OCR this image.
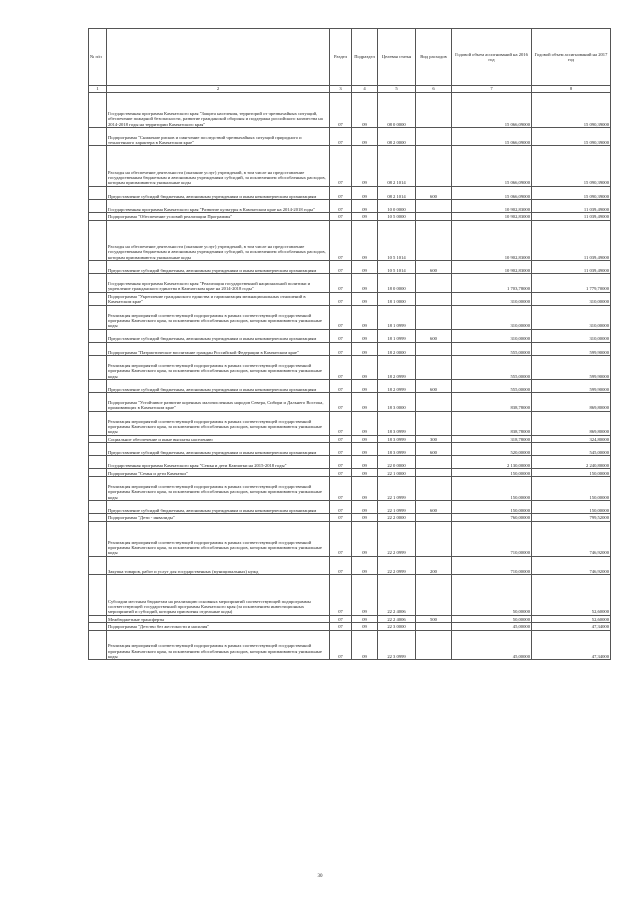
№ п/п		Раздел	Подраздел	Целевая статья	Вид расходов	Годовой объем ассигнований на 2016 год	Годовой объем ассигнований на 2017 год
1	2	3	4	5	6	7	8
	Государственная программа Камчатского края "Защита населения, территорий от чрезвычайных ситуаций, обеспечение пожарной безопасности, развитие гражданской обороны и поддержка российского казачества на 2014-2018 годы на территории Камчатского края"	07	09	08 0 0000		15 066,09000	15 090,39000
	Подпрограмма "Снижение рисков и смягчение последствий чрезвычайных ситуаций природного и техногенного характера в Камчатском крае"	07	09	08 2 0000		15 066,09000	15 090,39000
	Расходы на обеспечение деятельности (оказание услуг) учреждений, в том числе на предоставление государственным бюджетным и автономным учреждениям субсидий, за исключением обособленных расходов, которым присваиваются уникальные коды	07	09	08 2 1014		15 066,09000	15 090,39000
	Предоставление субсидий бюджетным, автономным учреждениям и иным некоммерческим организациям	07	09	08 2 1014	600	15 066,09000	15 090,39000
	Государственная программа Камчатского края "Развитие культуры в Камчатском крае на 2014-2018 годы"	07	09	10 0 0000		10 902,83000	11 039,49000
	Подпрограмма "Обеспечение условий реализации Программы"	07	09	10 5 0000		10 902,83000	11 039,49000
	Расходы на обеспечение деятельности (оказание услуг) учреждений, в том числе на предоставление государственным бюджетным и автономным учреждениям субсидий, за исключением обособленных расходов, которым присваиваются уникальные коды	07	09	10 5 1014		10 902,83000	11 039,49000
	Предоставление субсидий бюджетным, автономным учреждениям и иным некоммерческим организациям	07	09	10 5 1014	600	10 902,83000	11 039,49000
	Государственная программа Камчатского края "Реализация государственной национальной политики и укрепление гражданского единства в Камчатском крае на 2014-2018 годы"	07	09	18 0 0000		1 703,78000	1 779,70000
	Подпрограмма "Укрепление гражданского единства и гармонизация межнациональных отношений в Камчатском крае"	07	09	18 1 0000		310,00000	310,00000
	Реализация мероприятий соответствующей подпрограммы в рамках соответствующей государственной программы Камчатского края, за исключением обособленных расходов, которым присваиваются уникальные коды	07	09	18 1 0999		310,00000	310,00000
	Предоставление субсидий бюджетным, автономным учреждениям и иным некоммерческим организациям	07	09	18 1 0999	600	310,00000	310,00000
	Подпрограмма "Патриотическое воспитание граждан Российской Федерации в Камчатском крае"	07	09	18 2 0000		555,00000	599,90000
	Реализация мероприятий соответствующей подпрограммы в рамках соответствующей государственной программы Камчатского края, за исключением обособленных расходов, которым присваиваются уникальные коды	07	09	18 2 0999		555,00000	599,90000
	Предоставление субсидий бюджетным, автономным учреждениям и иным некоммерческим организациям	07	09	18 2 0999	600	555,00000	599,90000
	Подпрограмма "Устойчивое развитие коренных малочисленных народов Севера, Сибири и Дальнего Востока, проживающих в Камчатском крае"	07	09	18 3 0000		838,78000	869,80000
	Реализация мероприятий соответствующей подпрограммы в рамках соответствующей государственной программы Камчатского края, за исключением обособленных расходов, которым присваиваются уникальные коды	07	09	18 3 0999		838,78000	869,80000
	Социальное обеспечение и иные выплаты населению	07	09	18 3 0999	300	318,78000	324,80000
	Предоставление субсидий бюджетным, автономным учреждениям и иным некоммерческим организациям	07	09	18 3 0999	600	520,00000	545,00000
	Государственная программа Камчатского края "Семья и дети Камчатки на 2015-2018 годы"	07	09	22 0 0000		2 130,00000	2 240,80000
	Подпрограмма "Семья и дети Камчатки"	07	09	22 1 0000		150,00000	150,00000
	Реализация мероприятий соответствующей подпрограммы в рамках соответствующей государственной программы Камчатского края, за исключением обособленных расходов, которым присваиваются уникальные коды	07	09	22 1 0999		150,00000	150,00000
	Предоставление субсидий бюджетным, автономным учреждениям и иным некоммерческим организациям	07	09	22 1 0999	600	150,00000	150,00000
	Подпрограмма "Дети - инвалиды"	07	09	22 2 0000		760,00000	799,52000
	Реализация мероприятий соответствующей подпрограммы в рамках соответствующей государственной программы Камчатского края, за исключением обособленных расходов, которым присваиваются уникальные коды	07	09	22 2 0999		710,00000	746,92000
	Закупка товаров, работ и услуг для государственных (муниципальных) нужд	07	09	22 2 0999	200	710,00000	746,92000
	Субсидии местным бюджетам на реализацию основных мероприятий соответствующей подпрограммы соответствующей государственной программы Камчатского края (за исключением инвестиционных мероприятий и субсидий, которым присвоены отдельные коды)	07	09	22 2 4006		50,00000	52,60000
	Межбюджетные трансферты	07	09	22 2 4006	500	50,00000	52,60000
	Подпрограмма "Детство без жестокости и насилия"	07	09	22 3 0000		45,00000	47,34000
	Реализация мероприятий соответствующей подпрограммы в рамках соответствующей государственной программы Камчатского края, за исключением обособленных расходов, которым присваиваются уникальные коды	07	09	22 3 0999		45,00000	47,34000
30
